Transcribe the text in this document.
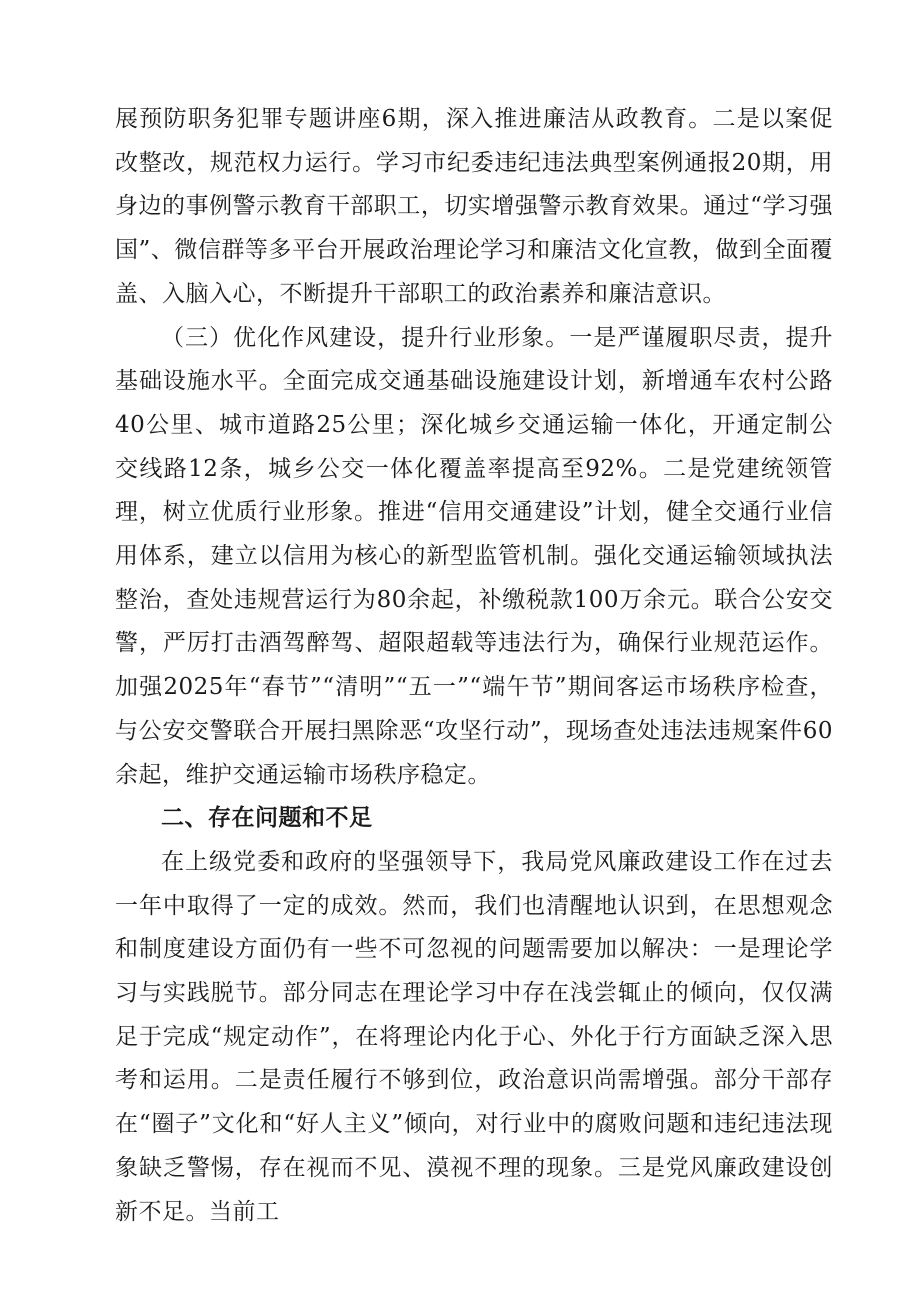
展预防职务犯罪专题讲座6期，深入推进廉洁从政教育。二是以案促改整改，规范权力运行。学习市纪委违纪违法典型案例通报20期，用身边的事例警示教育干部职工，切实增强警示教育效果。通过“学习强国”、微信群等多平台开展政治理论学习和廉洁文化宣教，做到全面覆盖、入脑入心，不断提升干部职工的政治素养和廉洁意识。

（三）优化作风建设，提升行业形象。一是严谨履职尽责，提升基础设施水平。全面完成交通基础设施建设计划，新增通车农村公路40公里、城市道路25公里；深化城乡交通运输一体化，开通定制公交线路12条，城乡公交一体化覆盖率提高至92%。二是党建统领管理，树立优质行业形象。推进“信用交通建设”计划，健全交通行业信用体系，建立以信用为核心的新型监管机制。强化交通运输领域执法整治，查处违规营运行为80余起，补缴税款100万余元。联合公安交警，严厉打击酒驾醉驾、超限超载等违法行为，确保行业规范运作。加强2025年“春节”“清明”“五一”“端午节”期间客运市场秩序检查，与公安交警联合开展扫黑除恶“攻坚行动”，现场查处违法违规案件60余起，维护交通运输市场秩序稳定。

二、存在问题和不足

在上级党委和政府的坚强领导下，我局党风廉政建设工作在过去一年中取得了一定的成效。然而，我们也清醒地认识到，在思想观念和制度建设方面仍有一些不可忽视的问题需要加以解决：一是理论学习与实践脱节。部分同志在理论学习中存在浅尝辄止的倾向，仅仅满足于完成“规定动作”，在将理论内化于心、外化于行方面缺乏深入思考和运用。二是责任履行不够到位，政治意识尚需增强。部分干部存在“圈子”文化和“好人主义”倾向，对行业中的腐败问题和违纪违法现象缺乏警惕，存在视而不见、漠视不理的现象。三是党风廉政建设创新不足。当前工
